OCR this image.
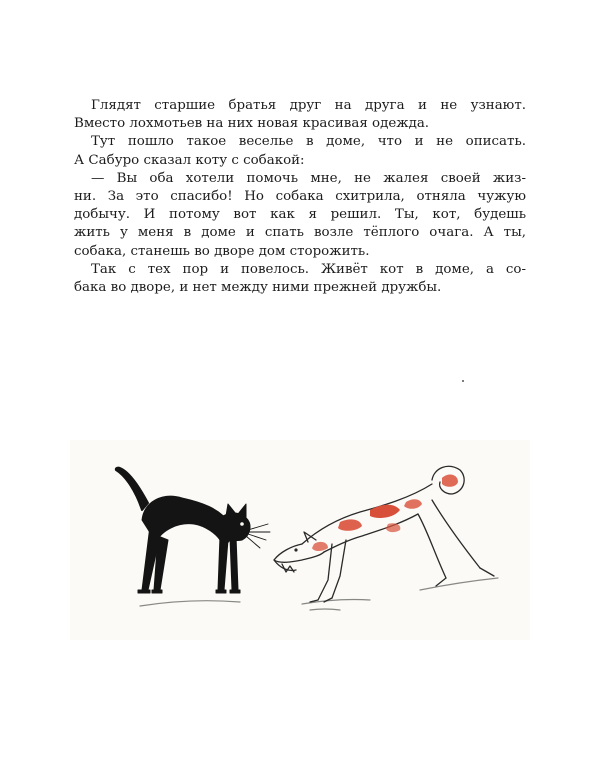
Глядят старшие братья друг на друга и не узнают.
Вместо лохмотьев на них новая красивая одежда.
Тут пошло такое веселье в доме, что и не описать.
А Сабуро сказал коту с собакой:
— Вы оба хотели помочь мне, не жалея своей жиз-
ни. За это спасибо! Но собака схитрила, отняла чужую
добычу. И потому вот как я решил. Ты, кот, будешь
жить у меня в доме и спать возле тёплого очага. А ты,
собака, станешь во дворе дом сторожить.
Так с тех пор и повелось. Живёт кот в доме, а со-
бака во дворе, и нет между ними прежней дружбы.
